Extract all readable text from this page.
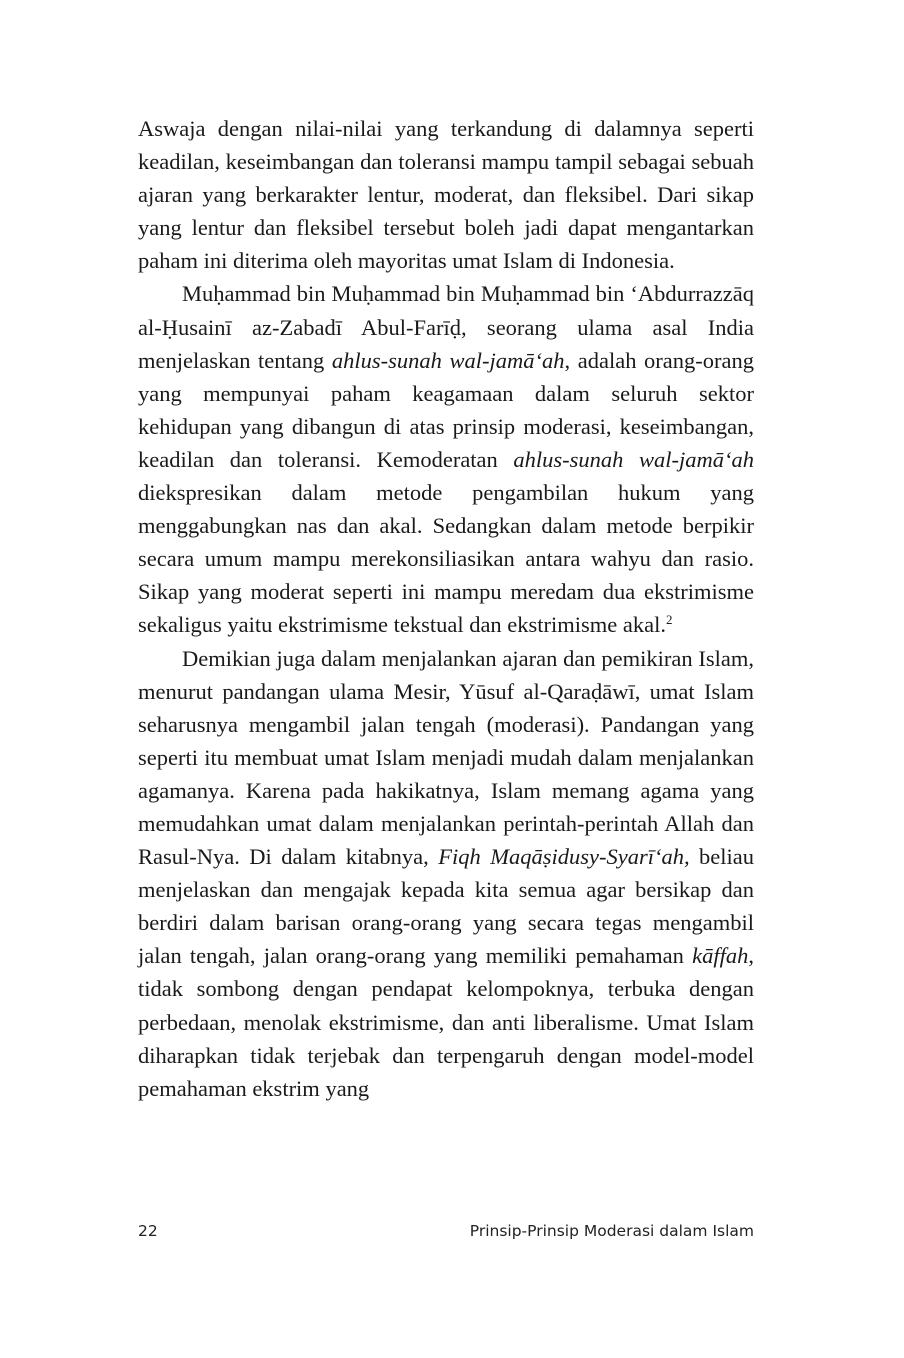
Aswaja dengan nilai-nilai yang terkandung di dalamnya seperti keadilan, keseimbangan dan toleransi mampu tampil sebagai sebuah ajaran yang berkarakter lentur, moderat, dan fleksibel. Dari sikap yang lentur dan fleksibel tersebut boleh jadi dapat mengantarkan paham ini diterima oleh mayoritas umat Islam di Indonesia.

Muḥammad bin Muḥammad bin Muḥammad bin ‘Abdurrazzāq al-Ḥusainī az-Zabadī Abul-Farīḍ, seorang ulama asal India menjelaskan tentang ahlus-sunah wal-jamā‘ah, adalah orang-orang yang mempunyai paham keagamaan dalam seluruh sektor kehidupan yang dibangun di atas prinsip moderasi, keseimbangan, keadilan dan toleransi. Kemoderatan ahlus-sunah wal-jamā‘ah diekspresikan dalam metode pengambilan hukum yang menggabungkan nas dan akal. Sedangkan dalam metode berpikir secara umum mampu merekonsiliasikan antara wahyu dan rasio. Sikap yang moderat seperti ini mampu meredam dua ekstrimisme sekaligus yaitu ekstrimisme tekstual dan ekstrimisme akal.$^2$

Demikian juga dalam menjalankan ajaran dan pemikiran Islam, menurut pandangan ulama Mesir, Yūsuf al-Qaraḍāwī, umat Islam seharusnya mengambil jalan tengah (moderasi). Pandangan yang seperti itu membuat umat Islam menjadi mudah dalam menjalankan agamanya. Karena pada hakikatnya, Islam memang agama yang memudahkan umat dalam menjalankan perintah-perintah Allah dan Rasul-Nya. Di dalam kitabnya, Fiqh Maqāṣidusy-Syarī‘ah, beliau menjelaskan dan mengajak kepada kita semua agar bersikap dan berdiri dalam barisan orang-orang yang secara tegas mengambil jalan tengah, jalan orang-orang yang memiliki pemahaman kāffah, tidak sombong dengan pendapat kelompoknya, terbuka dengan perbedaan, menolak ekstrimisme, dan anti liberalisme. Umat Islam diharapkan tidak terjebak dan terpengaruh dengan model-model pemahaman ekstrim yang

22	Prinsip-Prinsip Moderasi dalam Islam
